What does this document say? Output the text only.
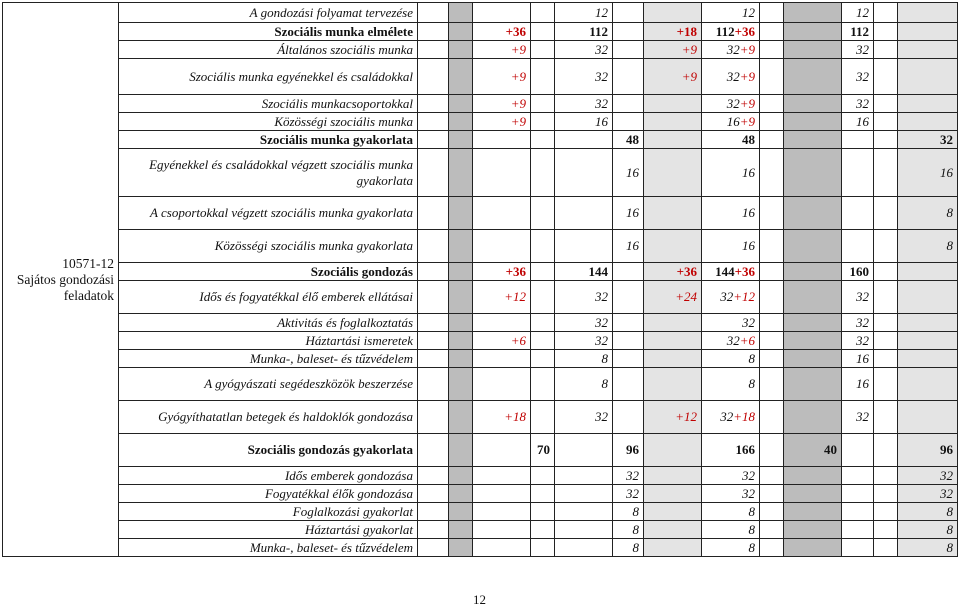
10571-12
Sajátos gondozási feladatok	A gondozási folyamat tervezése					12			12			12			
	Szociális munka elmélete			+36		112		+18	112+36			112			
	Általános szociális munka			+9		32		+9	32+9			32			
	Szociális munka egyénekkel és családokkal			+9		32		+9	32+9			32			
	Szociális munkacsoportokkal			+9		32			32+9			32			
	Közösségi szociális munka			+9		16			16+9			16			
	Szociális munka gyakorlata						48		48					32	
	Egyénekkel és családokkal végzett szociális munka gyakorlata						16		16					16	
	A csoportokkal végzett szociális munka gyakorlata						16		16					8	
	Közösségi szociális munka gyakorlata						16		16					8	
	Szociális gondozás			+36		144		+36	144+36			160			
	Idős és fogyatékkal élő emberek ellátásai			+12		32		+24	32+12			32			
	Aktivitás és foglalkoztatás					32			32			32			
	Háztartási ismeretek			+6		32			32+6			32			
	Munka-, baleset- és tűzvédelem					8			8			16			
	A gyógyászati segédeszközök beszerzése					8			8			16			
	Gyógyíthatatlan betegek és haldoklók gondozása			+18		32		+12	32+18			32			
	Szociális gondozás gyakorlata				70		96		166		40			96	
	Idős emberek gondozása						32		32					32	
	Fogyatékkal élők gondozása						32		32					32	
	Foglalkozási gyakorlat						8		8					8	
	Háztartási gyakorlat						8		8					8	
	Munka-, baleset- és tűzvédelem						8		8					8	
12
